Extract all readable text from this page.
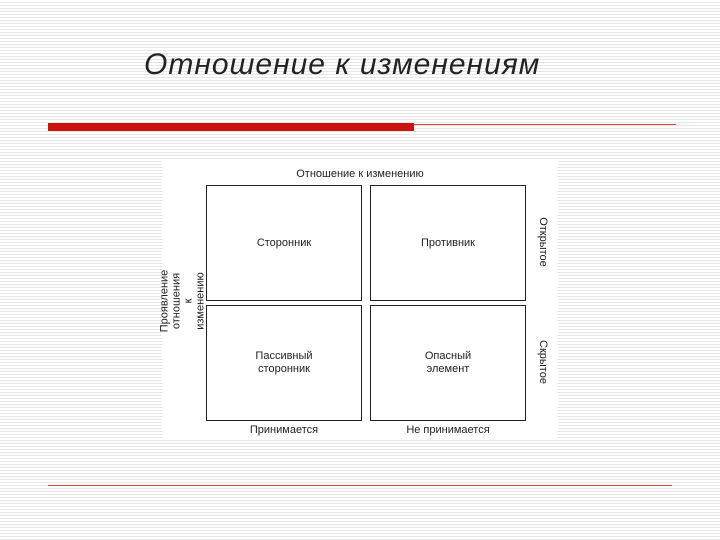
Отношение к изменениям
Отношение к изменению
Проявление отношения
к изменению
Сторонник	Противник
Пассивный
сторонник
Опасный
элемент
Открытое
Скрытое
Принимается	Не принимается
